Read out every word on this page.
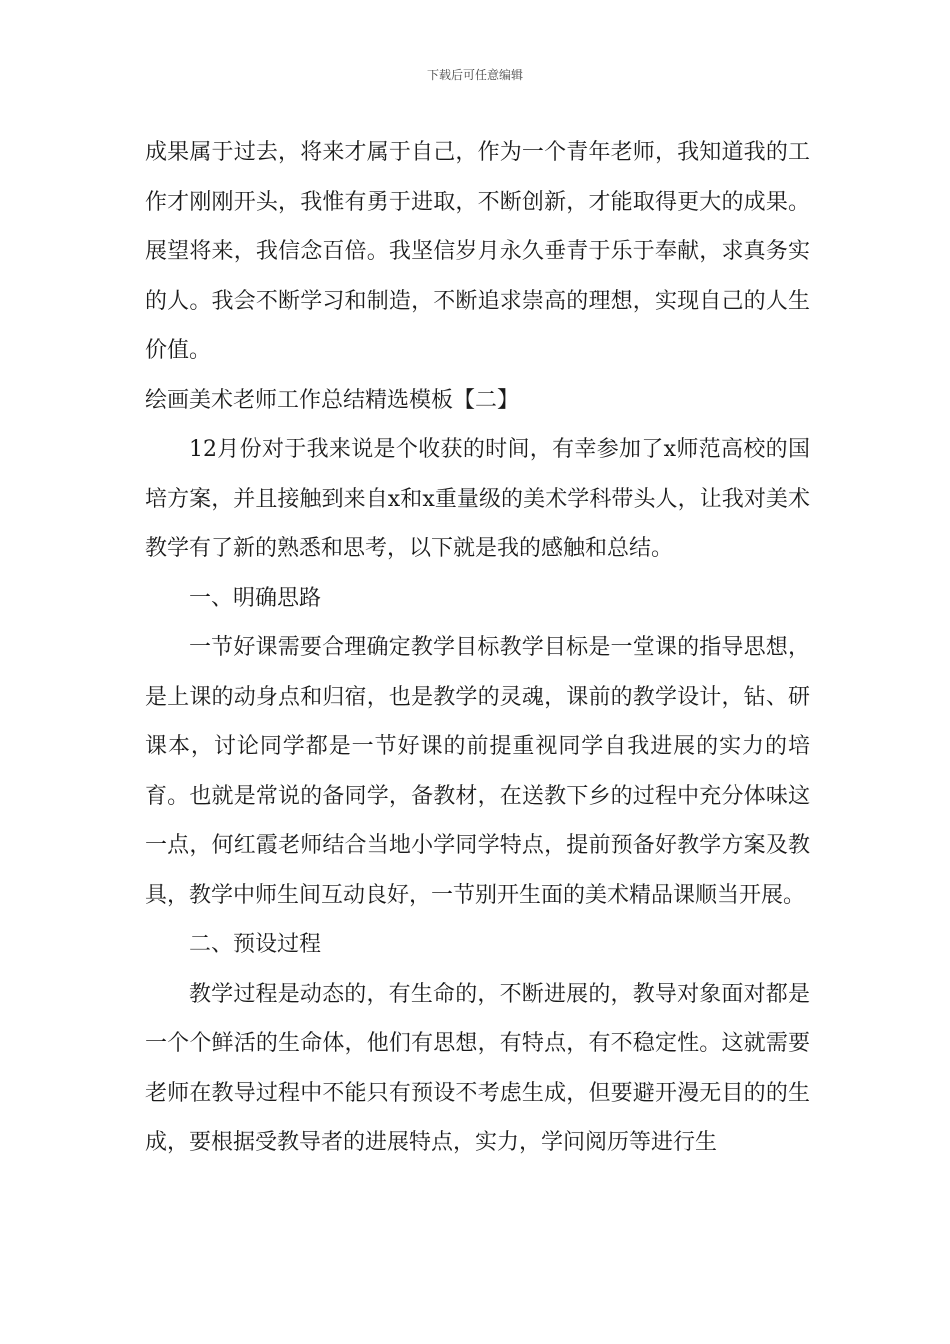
下载后可任意编辑

成果属于过去，将来才属于自己，作为一个青年老师，我知道我的工作才刚刚开头，我惟有勇于进取，不断创新，才能取得更大的成果。 展望将来，我信念百倍。我坚信岁月永久垂青于乐于奉献，求真务实的人。我会不断学习和制造，不断追求崇高的理想，实现自己的人生价值。

绘画美术老师工作总结精选模板【二】

12月份对于我来说是个收获的时间，有幸参加了x师范高校的国培方案，并且接触到来自x和x重量级的美术学科带头人，让我对美术教学有了新的熟悉和思考，以下就是我的感触和总结。

一、明确思路

一节好课需要合理确定教学目标教学目标是一堂课的指导思想，是上课的动身点和归宿，也是教学的灵魂，课前的教学设计，钻、研课本，讨论同学都是一节好课的前提重视同学自我进展的实力的培育。也就是常说的备同学，备教材，在送教下乡的过程中充分体味这一点，何红霞老师结合当地小学同学特点，提前预备好教学方案及教具，教学中师生间互动良好，一节别开生面的美术精品课顺当开展。

二、预设过程

教学过程是动态的，有生命的，不断进展的，教导对象面对都是一个个鲜活的生命体，他们有思想，有特点，有不稳定性。这就需要老师在教导过程中不能只有预设不考虑生成，但要避开漫无目的的生成，要根据受教导者的进展特点，实力，学问阅历等进行生
